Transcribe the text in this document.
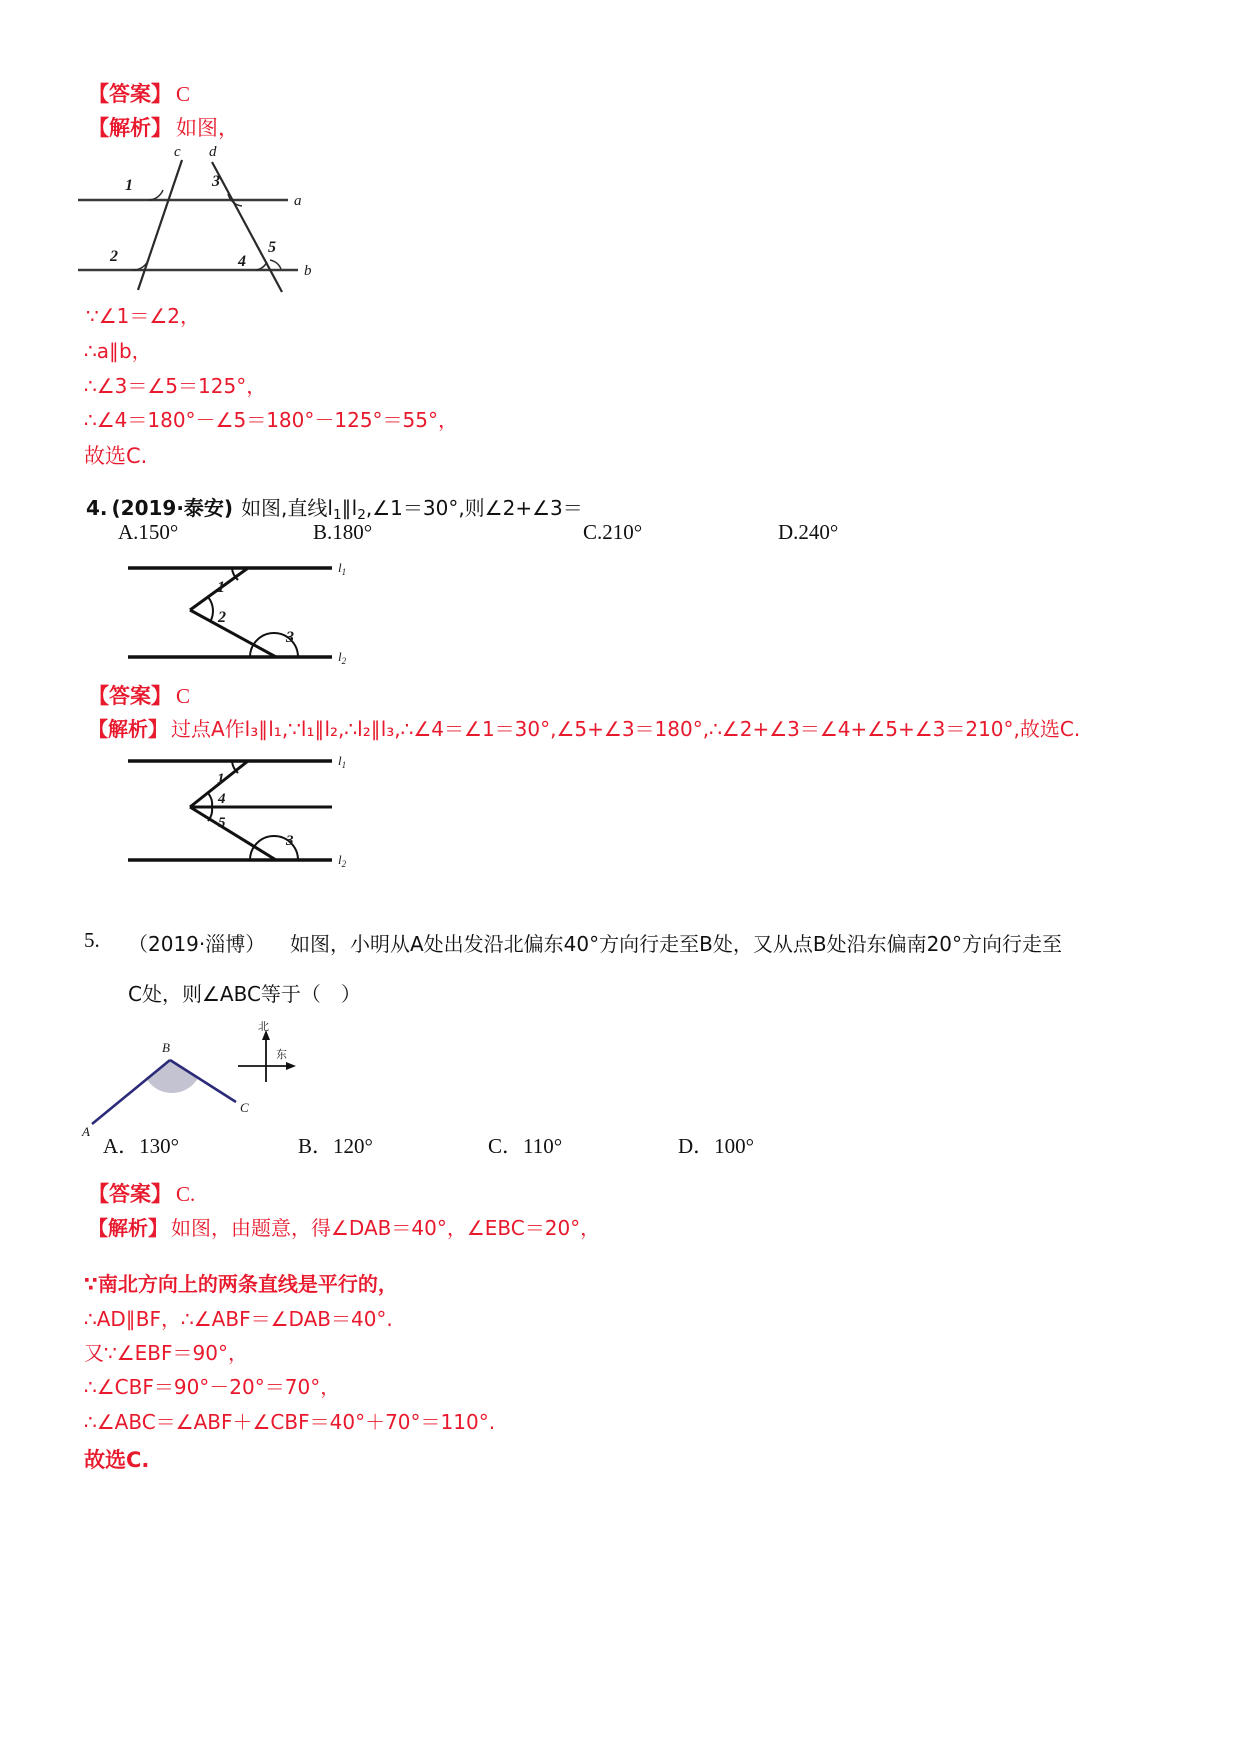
【答案】 C
【解析】 如图，
c d
a
b
1
2
3
4
5
∵∠1＝∠2，
∴a∥b，
∴∠3＝∠5＝125°，
∴∠4＝180°－∠5＝180°－125°＝55°，
故选C.
4. (2019·泰安) 如图,直线$l_1\parallel l_2,\angle 1=30^\circ$,则∠2+∠3＝
A.150°	B.180°	C.210°	D.240°
1
2
3
$l_1$
$l_2$
【答案】 C
【解析】 过点A作l₃∥l₁,∵l₁∥l₂,∴l₂∥l₃,∴∠4＝∠1＝30°,∠5+∠3＝180°,∴∠2+∠3＝∠4+∠5+∠3＝210°,故选C.
1
4
5
3
$l_1$
$l_2$
5. （2019·淄博） 如图，小明从A处出发沿北偏东40°方向行走至B处，又从点B处沿东偏南20°方向行走至
C处，则∠ABC等于（　）
北
东
A
B
C
A．130°	B．120°	C．110°	D．100°
【答案】 C.
【解析】 如图，由题意，得∠DAB＝40°，∠EBC＝20°，
∵南北方向上的两条直线是平行的，
∴AD∥BF，∴∠ABF＝∠DAB＝40°.
又∵∠EBF＝90°，
∴∠CBF＝90°－20°＝70°，
∴∠ABC＝∠ABF＋∠CBF＝40°＋70°＝110°.
故选C.
